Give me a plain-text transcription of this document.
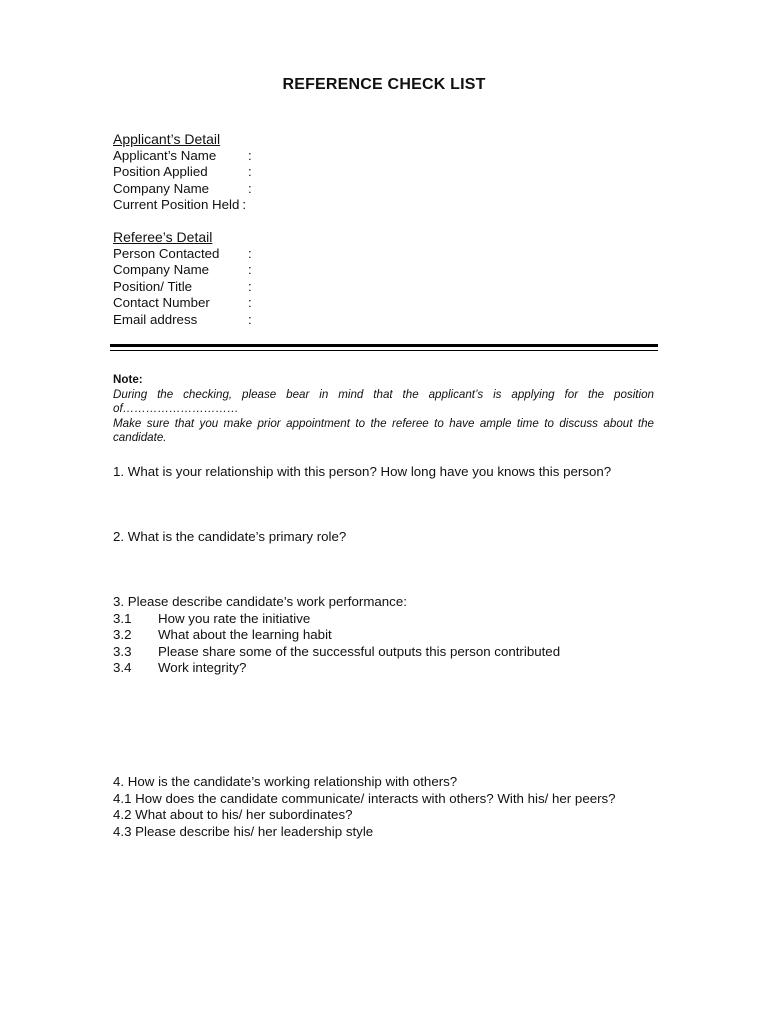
REFERENCE CHECK LIST
Applicant’s Detail
Applicant’s Name	:
Position Applied	:
Company Name	:
Current Position Held :
Referee’s Detail
Person Contacted	:
Company Name	:
Position/ Title	:
Contact Number	:
Email address	:
Note:
During the checking, please bear in mind that the applicant’s is applying for the position of…………………………
Make sure that you make prior appointment to the referee to have ample time to discuss about the candidate.
1. What is your relationship with this person? How long have you knows this person?
2. What is the candidate’s primary role?
3. Please describe candidate’s work performance:
3.1	How you rate the initiative
3.2	What about the learning habit
3.3	Please share some of the successful outputs this person contributed
3.4	Work integrity?
4. How is the candidate’s working relationship with others?
4.1 How does the candidate communicate/ interacts with others? With his/ her peers?
4.2 What about to his/ her subordinates?
4.3 Please describe his/ her leadership style
